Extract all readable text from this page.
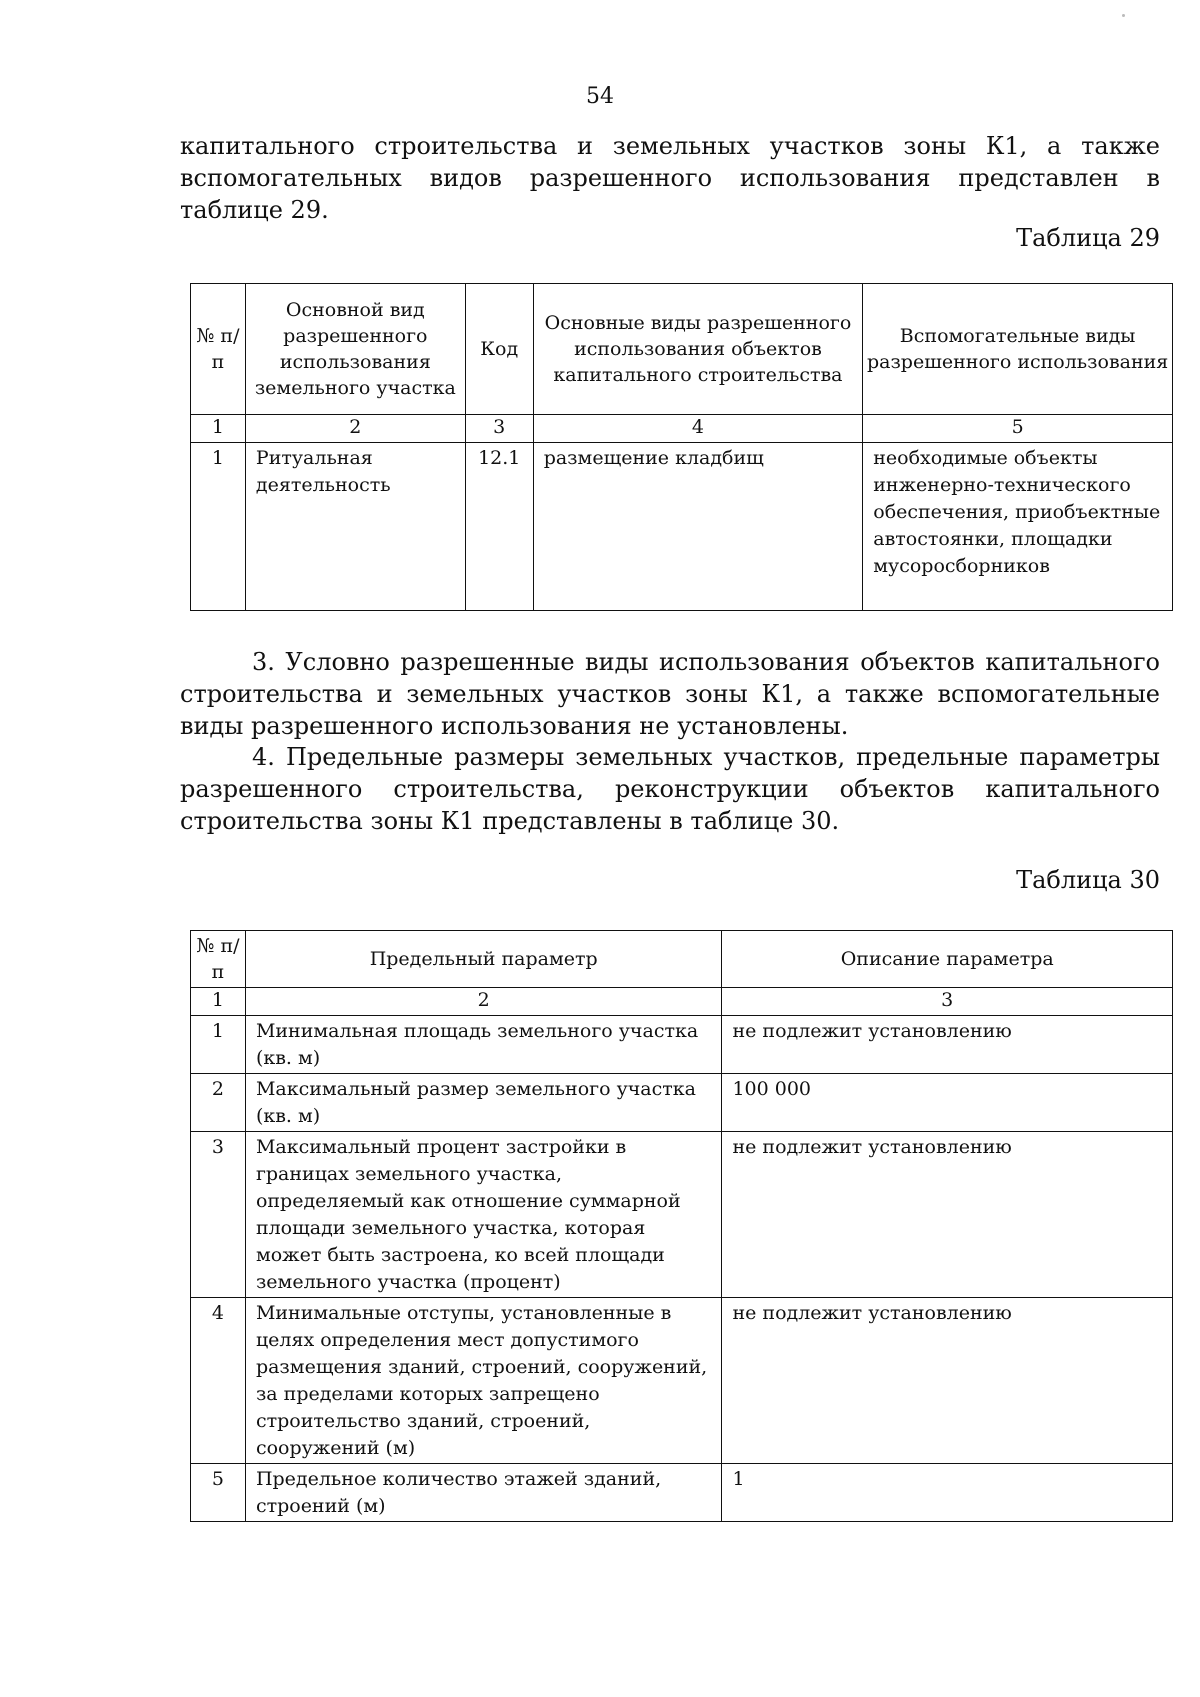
54
капитального строительства и земельных участков зоны К1, а также вспомогательных видов разрешенного использования представлен в таблице 29.
Таблица 29
№ п/п	Основной вид разрешенного использования земельного участка	Код	Основные виды разрешенного использования объектов капитального строительства	Вспомогательные виды разрешенного использования
1	2	3	4	5
1	Ритуальная деятельность	12.1	размещение кладбищ	необходимые объекты инженерно-технического обеспечения, приобъектные автостоянки, площадки мусоросборников
3. Условно разрешенные виды использования объектов капитального строительства и земельных участков зоны К1, а также вспомогательные виды разрешенного использования не установлены.
4. Предельные размеры земельных участков, предельные параметры разрешенного строительства, реконструкции объектов капитального строительства зоны К1 представлены в таблице 30.
Таблица 30
№ п/п	Предельный параметр	Описание параметра
1	2	3
1	Минимальная площадь земельного участка (кв. м)	не подлежит установлению
2	Максимальный размер земельного участка (кв. м)	100 000
3	Максимальный процент застройки в границах земельного участка, определяемый как отношение суммарной площади земельного участка, которая может быть застроена, ко всей площади земельного участка (процент)	не подлежит установлению
4	Минимальные отступы, установленные в целях определения мест допустимого размещения зданий, строений, сооружений, за пределами которых запрещено строительство зданий, строений, сооружений (м)	не подлежит установлению
5	Предельное количество этажей зданий, строений (м)	1
